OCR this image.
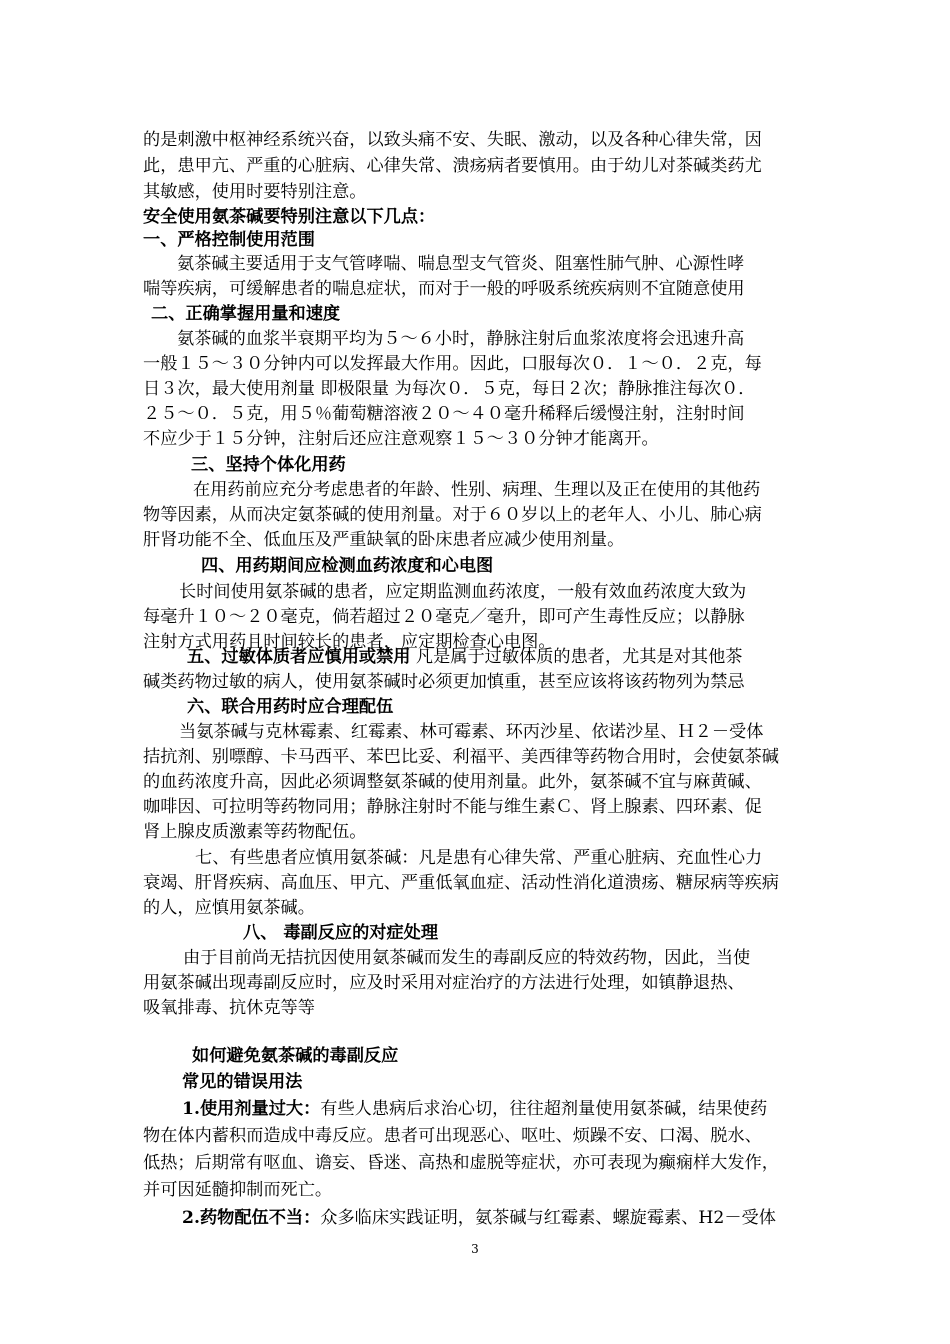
的是刺激中枢神经系统兴奋，以致头痛不安、失眠、激动，以及各种心律失常，因
此，患甲亢、严重的心脏病、心律失常、溃疡病者要慎用。由于幼儿对茶碱类药尤
其敏感，使用时要特别注意。
安全使用氨茶碱要特别注意以下几点：
一、严格控制使用范围
氨茶碱主要适用于支气管哮喘、喘息型支气管炎、阻塞性肺气肿、心源性哮
喘等疾病，可缓解患者的喘息症状，而对于一般的呼吸系统疾病则不宜随意使用
二、正确掌握用量和速度
氨茶碱的血浆半衰期平均为５～６小时，静脉注射后血浆浓度将会迅速升高
一般１５～３０分钟内可以发挥最大作用。因此，口服每次０．１～０．２克，每
日３次，最大使用剂量 即极限量 为每次０．５克，每日２次；静脉推注每次０．
２５～０．５克，用５％葡萄糖溶液２０～４０毫升稀释后缓慢注射，注射时间
不应少于１５分钟，注射后还应注意观察１５～３０分钟才能离开。
三、坚持个体化用药
在用药前应充分考虑患者的年龄、性别、病理、生理以及正在使用的其他药
物等因素，从而决定氨茶碱的使用剂量。对于６０岁以上的老年人、小儿、肺心病
肝肾功能不全、低血压及严重缺氧的卧床患者应减少使用剂量。
四、用药期间应检测血药浓度和心电图
长时间使用氨茶碱的患者，应定期监测血药浓度，一般有效血药浓度大致为
每毫升１０～２０毫克，倘若超过２０毫克／毫升，即可产生毒性反应；以静脉
注射方式用药且时间较长的患者，应定期检查心电图。
五、过敏体质者应慎用或禁用 凡是属于过敏体质的患者，尤其是对其他茶
碱类药物过敏的病人，使用氨茶碱时必须更加慎重，甚至应该将该药物列为禁忌
六、联合用药时应合理配伍
当氨茶碱与克林霉素、红霉素、林可霉素、环丙沙星、依诺沙星、Ｈ２－受体
拮抗剂、别嘌醇、卡马西平、苯巴比妥、利福平、美西律等药物合用时，会使氨茶碱
的血药浓度升高，因此必须调整氨茶碱的使用剂量。此外，氨茶碱不宜与麻黄碱、
咖啡因、可拉明等药物同用；静脉注射时不能与维生素Ｃ、肾上腺素、四环素、促
肾上腺皮质激素等药物配伍。
七、有些患者应慎用氨茶碱：凡是患有心律失常、严重心脏病、充血性心力
衰竭、肝肾疾病、高血压、甲亢、严重低氧血症、活动性消化道溃疡、糖尿病等疾病
的人，应慎用氨茶碱。
八、 毒副反应的对症处理
由于目前尚无拮抗因使用氨茶碱而发生的毒副反应的特效药物，因此，当使
用氨茶碱出现毒副反应时，应及时采用对症治疗的方法进行处理，如镇静退热、
吸氧排毒、抗休克等等
如何避免氨茶碱的毒副反应
常见的错误用法
1.使用剂量过大：有些人患病后求治心切，往往超剂量使用氨茶碱，结果使药
物在体内蓄积而造成中毒反应。患者可出现恶心、呕吐、烦躁不安、口渴、脱水、
低热；后期常有呕血、谵妄、昏迷、高热和虚脱等症状，亦可表现为癫痫样大发作，
并可因延髓抑制而死亡。
2.药物配伍不当：众多临床实践证明，氨茶碱与红霉素、螺旋霉素、H2－受体
3
